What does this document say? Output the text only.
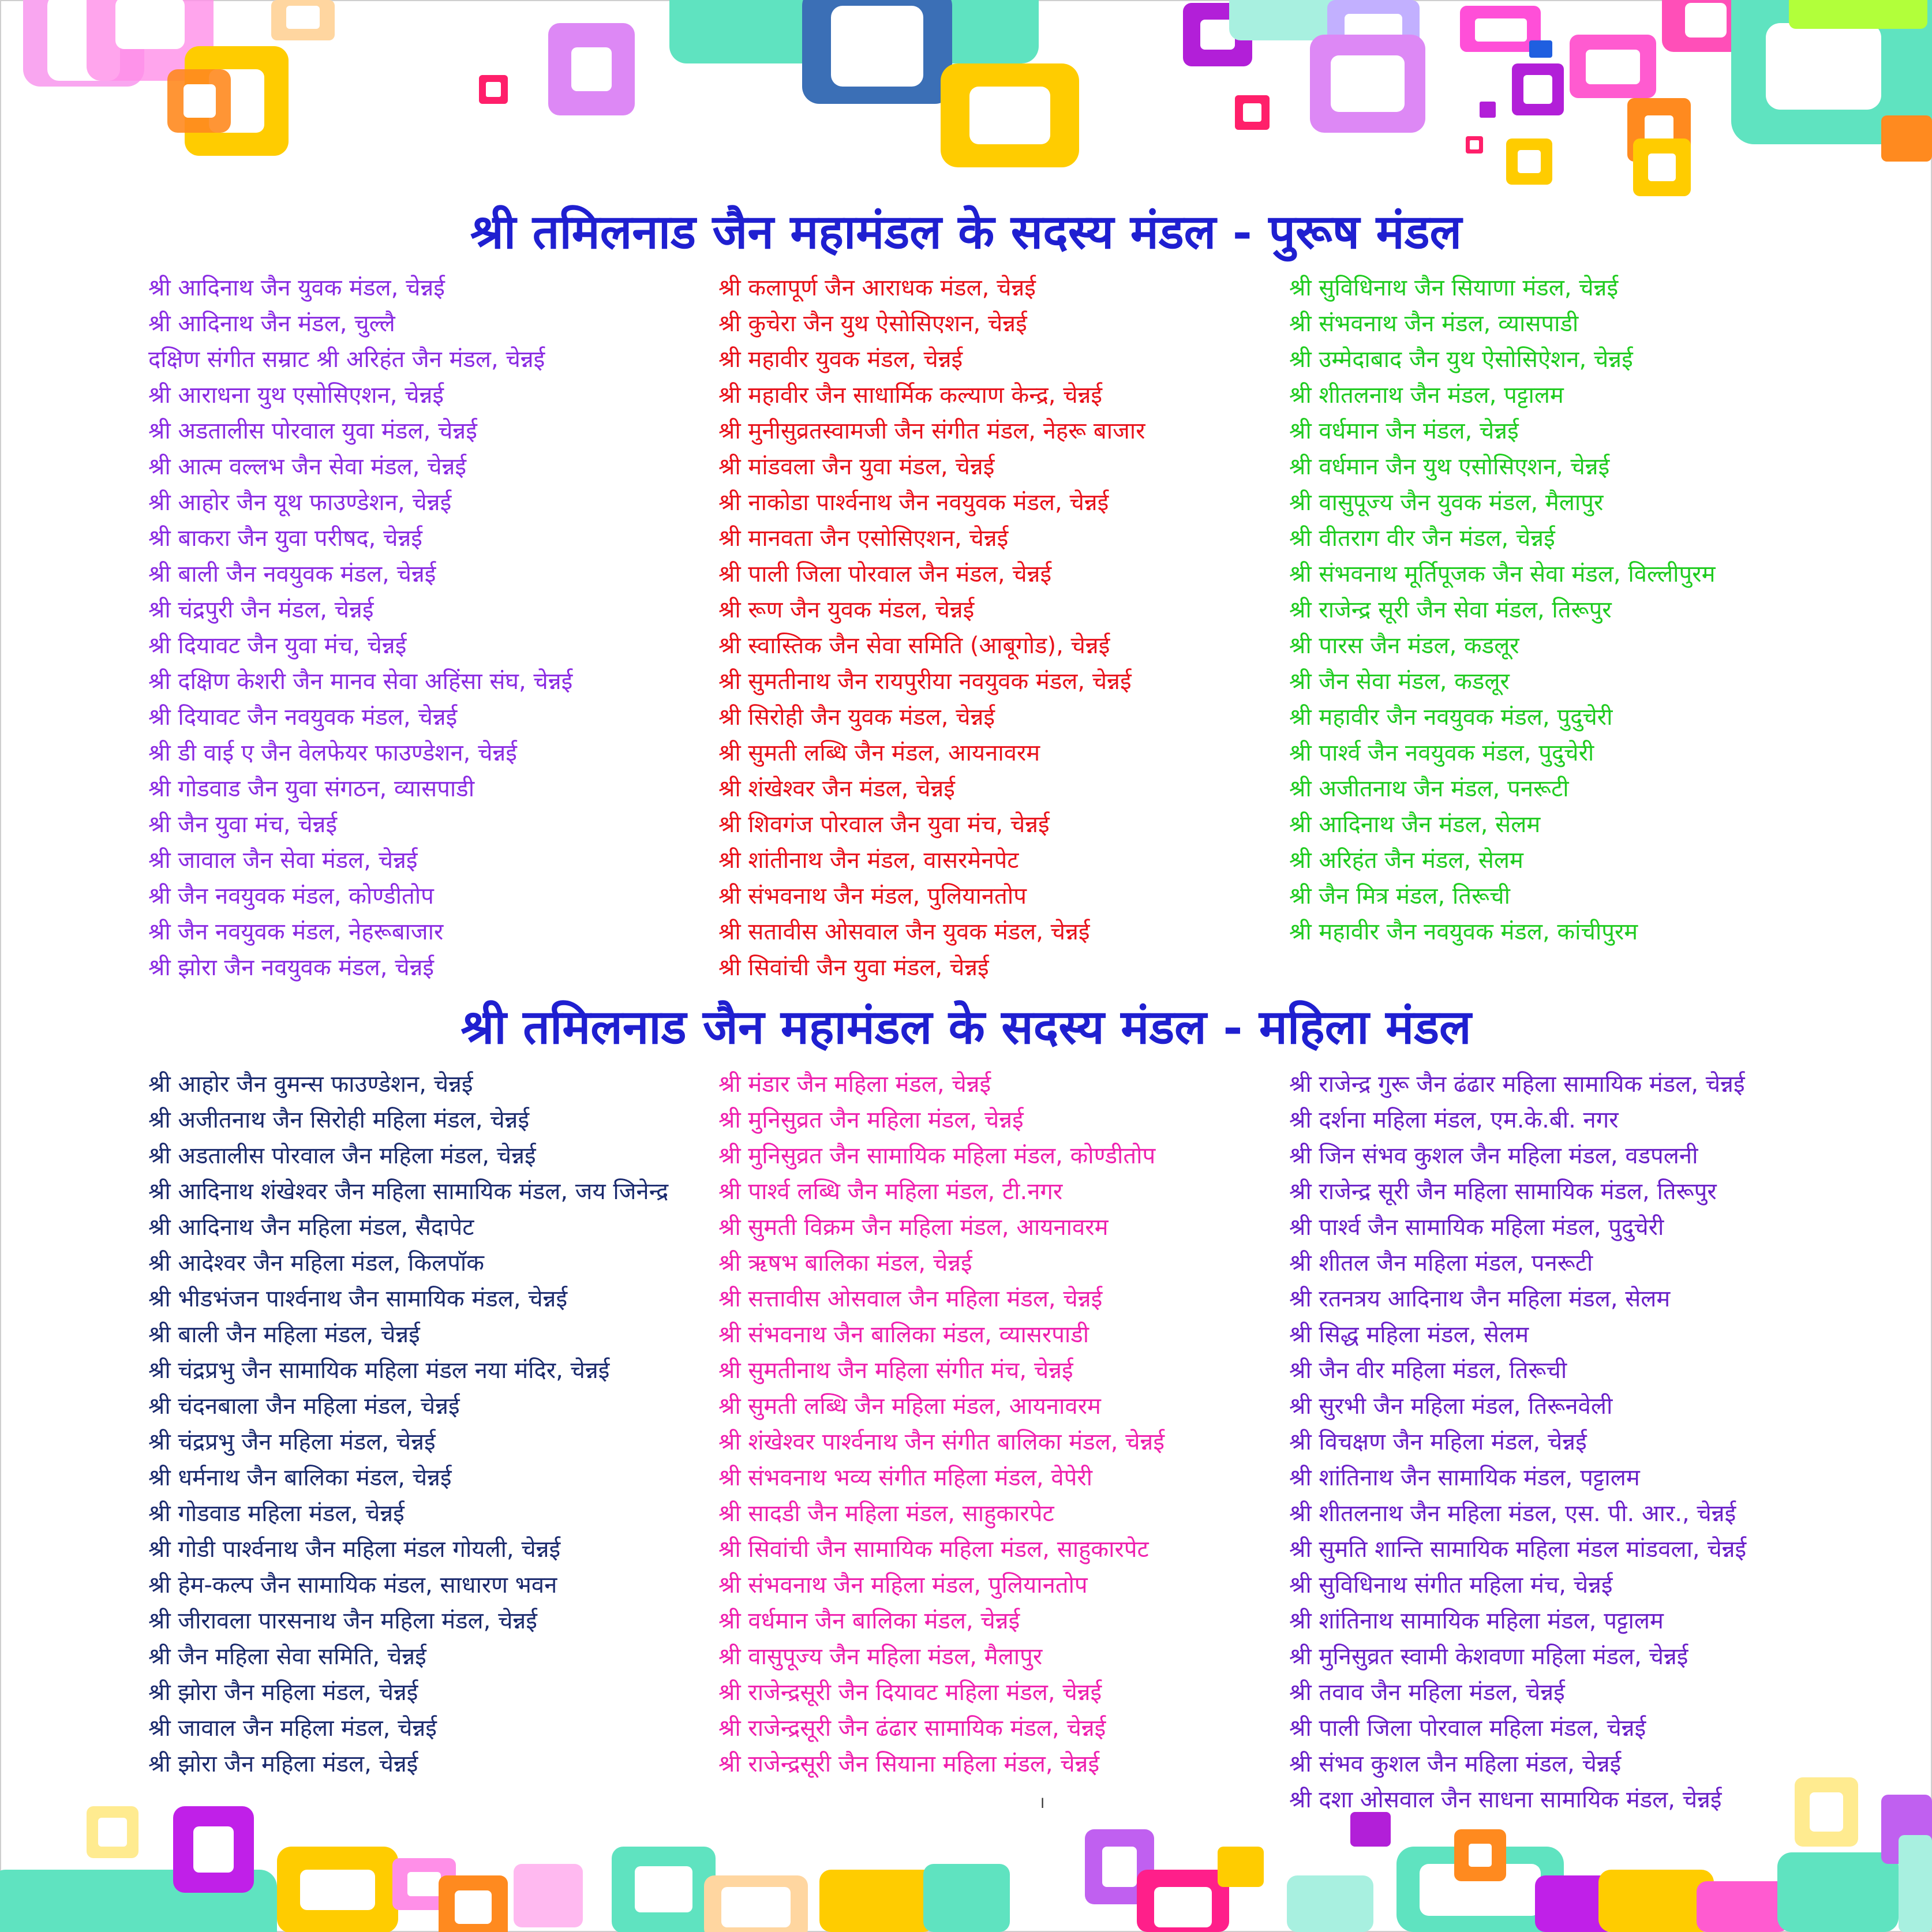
श्री तमिलनाड जैन महामंडल के सदस्य मंडल - पुरूष मंडल
श्री आदिनाथ जैन युवक मंडल, चेन्नई
श्री आदिनाथ जैन मंडल, चुल्लै
दक्षिण संगीत सम्राट श्री अरिहंत जैन मंडल, चेन्नई
श्री आराधना युथ एसोसिएशन, चेन्नई
श्री अडतालीस पोरवाल युवा मंडल, चेन्नई
श्री आत्म वल्लभ जैन सेवा मंडल, चेन्नई
श्री आहोर जैन यूथ फाउण्डेशन, चेन्नई
श्री बाकरा जैन युवा परीषद, चेन्नई
श्री बाली जैन नवयुवक मंडल, चेन्नई
श्री चंद्रपुरी जैन मंडल, चेन्नई
श्री दियावट जैन युवा मंच, चेन्नई
श्री दक्षिण केशरी जैन मानव सेवा अहिंसा संघ, चेन्नई
श्री दियावट जैन नवयुवक मंडल, चेन्नई
श्री डी वाई ए जैन वेलफेयर फाउण्डेशन, चेन्नई
श्री गोडवाड जैन युवा संगठन, व्यासपाडी
श्री जैन युवा मंच, चेन्नई
श्री जावाल जैन सेवा मंडल, चेन्नई
श्री जैन नवयुवक मंडल, कोण्डीतोप
श्री जैन नवयुवक मंडल, नेहरूबाजार
श्री झोरा जैन नवयुवक मंडल, चेन्नई
श्री कलापूर्ण जैन आराधक मंडल, चेन्नई
श्री कुचेरा जैन युथ ऐसोसिएशन, चेन्नई
श्री महावीर युवक मंडल, चेन्नई
श्री महावीर जैन साधार्मिक कल्याण केन्द्र, चेन्नई
श्री मुनीसुव्रतस्वामजी जैन संगीत मंडल, नेहरू बाजार
श्री मांडवला जैन युवा मंडल, चेन्नई
श्री नाकोडा पार्श्वनाथ जैन नवयुवक मंडल, चेन्नई
श्री मानवता जैन एसोसिएशन, चेन्नई
श्री पाली जिला पोरवाल जैन मंडल, चेन्नई
श्री रूण जैन युवक मंडल, चेन्नई
श्री स्वास्तिक जैन सेवा समिति (आबूगोड), चेन्नई
श्री सुमतीनाथ जैन रायपुरीया नवयुवक मंडल, चेन्नई
श्री सिरोही जैन युवक मंडल, चेन्नई
श्री सुमती लब्धि जैन मंडल, आयनावरम
श्री शंखेश्वर जैन मंडल, चेन्नई
श्री शिवगंज पोरवाल जैन युवा मंच, चेन्नई
श्री शांतीनाथ जैन मंडल, वासरमेनपेट
श्री संभवनाथ जैन मंडल, पुलियानतोप
श्री सतावीस ओसवाल जैन युवक मंडल, चेन्नई
श्री सिवांची जैन युवा मंडल, चेन्नई
श्री सुविधिनाथ जैन सियाणा मंडल, चेन्नई
श्री संभवनाथ जैन मंडल, व्यासपाडी
श्री उम्मेदाबाद जैन युथ ऐसोसिऐशन, चेन्नई
श्री शीतलनाथ जैन मंडल, पट्टालम
श्री वर्धमान जैन मंडल, चेन्नई
श्री वर्धमान जैन युथ एसोसिएशन, चेन्नई
श्री वासुपूज्य जैन युवक मंडल, मैलापुर
श्री वीतराग वीर जैन मंडल, चेन्नई
श्री संभवनाथ मूर्तिपूजक जैन सेवा मंडल, विल्लीपुरम
श्री राजेन्द्र सूरी जैन सेवा मंडल, तिरूपुर
श्री पारस जैन मंडल, कडलूर
श्री जैन सेवा मंडल, कडलूर
श्री महावीर जैन नवयुवक मंडल, पुदुचेरी
श्री पार्श्व जैन नवयुवक मंडल, पुदुचेरी
श्री अजीतनाथ जैन मंडल, पनरूटी
श्री आदिनाथ जैन मंडल, सेलम
श्री अरिहंत जैन मंडल, सेलम
श्री जैन मित्र मंडल, तिरूची
श्री महावीर जैन नवयुवक मंडल, कांचीपुरम
श्री तमिलनाड जैन महामंडल के सदस्य मंडल - महिला मंडल
श्री आहोर जैन वुमन्स फाउण्डेशन, चेन्नई
श्री अजीतनाथ जैन सिरोही महिला मंडल, चेन्नई
श्री अडतालीस पोरवाल जैन महिला मंडल, चेन्नई
श्री आदिनाथ शंखेश्वर जैन महिला सामायिक मंडल, जय जिनेन्द्र
श्री आदिनाथ जैन महिला मंडल, सैदापेट
श्री आदेश्वर जैन महिला मंडल, किलपॉक
श्री भीडभंजन पार्श्वनाथ जैन सामायिक मंडल, चेन्नई
श्री बाली जैन महिला मंडल, चेन्नई
श्री चंद्रप्रभु जैन सामायिक महिला मंडल नया मंदिर, चेन्नई
श्री चंदनबाला जैन महिला मंडल, चेन्नई
श्री चंद्रप्रभु जैन महिला मंडल, चेन्नई
श्री धर्मनाथ जैन बालिका मंडल, चेन्नई
श्री गोडवाड महिला मंडल, चेन्नई
श्री गोडी पार्श्वनाथ जैन महिला मंडल गोयली, चेन्नई
श्री हेम-कल्प जैन सामायिक मंडल, साधारण भवन
श्री जीरावला पारसनाथ जैन महिला मंडल, चेन्नई
श्री जैन महिला सेवा समिति, चेन्नई
श्री झोरा जैन महिला मंडल, चेन्नई
श्री जावाल जैन महिला मंडल, चेन्नई
श्री झोरा जैन महिला मंडल, चेन्नई
श्री मंडार जैन महिला मंडल, चेन्नई
श्री मुनिसुव्रत जैन महिला मंडल, चेन्नई
श्री मुनिसुव्रत जैन सामायिक महिला मंडल, कोण्डीतोप
श्री पार्श्व लब्धि जैन महिला मंडल, टी.नगर
श्री सुमती विक्रम जैन महिला मंडल, आयनावरम
श्री ऋषभ बालिका मंडल, चेन्नई
श्री सत्तावीस ओसवाल जैन महिला मंडल, चेन्नई
श्री संभवनाथ जैन बालिका मंडल, व्यासरपाडी
श्री सुमतीनाथ जैन महिला संगीत मंच, चेन्नई
श्री सुमती लब्धि जैन महिला मंडल, आयनावरम
श्री शंखेश्वर पार्श्वनाथ जैन संगीत बालिका मंडल, चेन्नई
श्री संभवनाथ भव्य संगीत महिला मंडल, वेपेरी
श्री सादडी जैन महिला मंडल, साहुकारपेट
श्री सिवांची जैन सामायिक महिला मंडल, साहुकारपेट
श्री संभवनाथ जैन महिला मंडल, पुलियानतोप
श्री वर्धमान जैन बालिका मंडल, चेन्नई
श्री वासुपूज्य जैन महिला मंडल, मैलापुर
श्री राजेन्द्रसूरी जैन दियावट महिला मंडल, चेन्नई
श्री राजेन्द्रसूरी जैन ढंढार सामायिक मंडल, चेन्नई
श्री राजेन्द्रसूरी जैन सियाना महिला मंडल, चेन्नई
श्री राजेन्द्र गुरू जैन ढंढार महिला सामायिक मंडल, चेन्नई
श्री दर्शना महिला मंडल, एम.के.बी. नगर
श्री जिन संभव कुशल जैन महिला मंडल, वडपलनी
श्री राजेन्द्र सूरी जैन महिला सामायिक मंडल, तिरूपुर
श्री पार्श्व जैन सामायिक महिला मंडल, पुदुचेरी
श्री शीतल जैन महिला मंडल, पनरूटी
श्री रतनत्रय आदिनाथ जैन महिला मंडल, सेलम
श्री सिद्ध महिला मंडल, सेलम
श्री जैन वीर महिला मंडल, तिरूची
श्री सुरभी जैन महिला मंडल, तिरूनवेली
श्री विचक्षण जैन महिला मंडल, चेन्नई
श्री शांतिनाथ जैन सामायिक मंडल, पट्टालम
श्री शीतलनाथ जैन महिला मंडल, एस. पी. आर., चेन्नई
श्री सुमति शान्ति सामायिक महिला मंडल मांडवला, चेन्नई
श्री सुविधिनाथ संगीत महिला मंच, चेन्नई
श्री शांतिनाथ सामायिक महिला मंडल, पट्टालम
श्री मुनिसुव्रत स्वामी केशवणा महिला मंडल, चेन्नई
श्री तवाव जैन महिला मंडल, चेन्नई
श्री पाली जिला पोरवाल महिला मंडल, चेन्नई
श्री संभव कुशल जैन महिला मंडल, चेन्नई
श्री दशा ओसवाल जैन साधना सामायिक मंडल, चेन्नई
।
